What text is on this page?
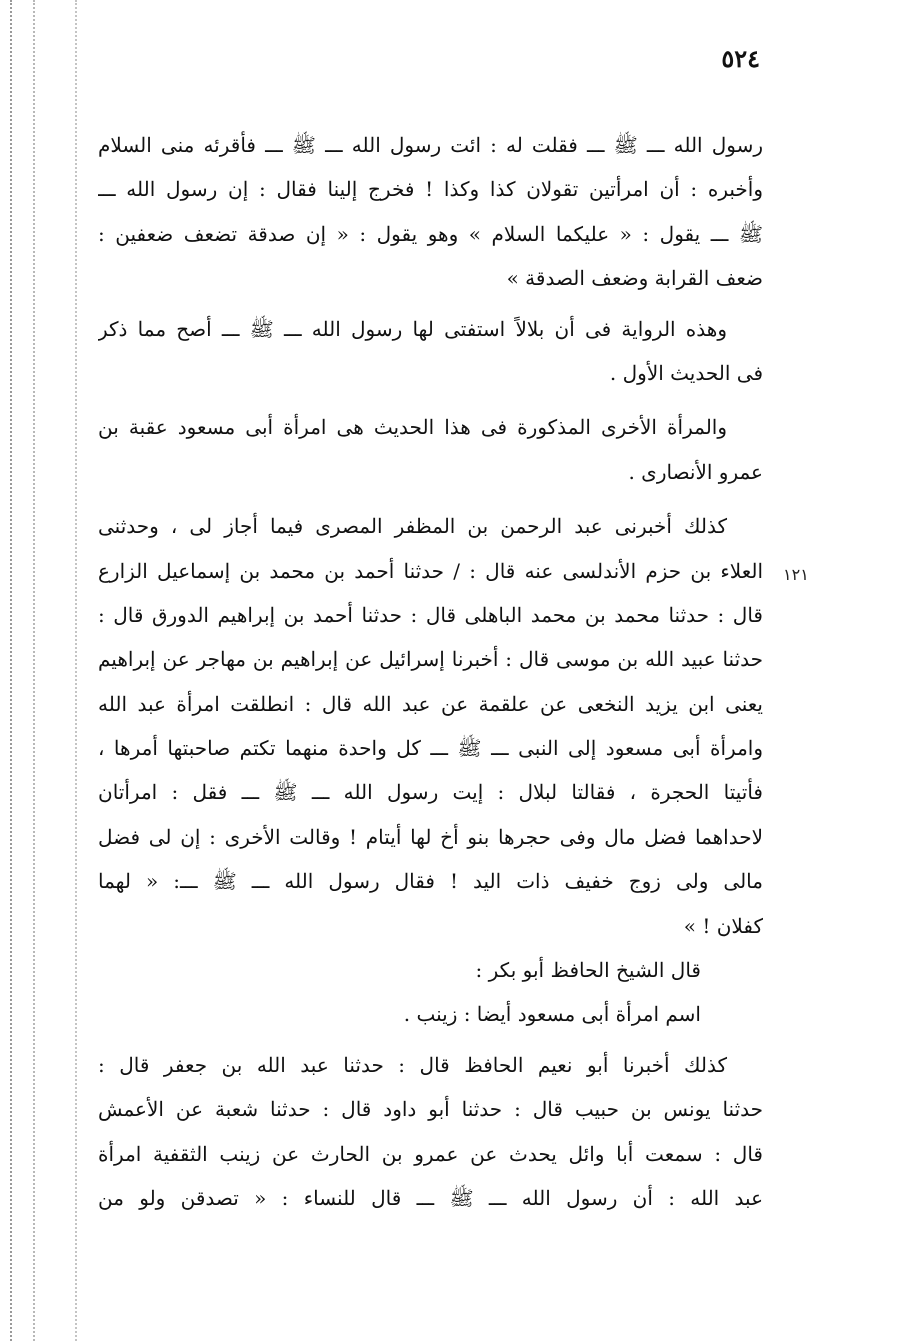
٥٢٤
١٢١
رسول الله ـــ ﷺ ـــ فقلت له : ائت رسول الله ـــ ﷺ ـــ فأقرئه منى السلام
وأخبره : أن امرأتين تقولان كذا وكذا ! فخرج إلينا فقال : إن رسول الله ـــ
ﷺ ـــ يقول : « عليكما السلام » وهو يقول : « إن صدقة تضعف ضعفين :
ضعف القرابة وضعف الصدقة »
وهذه الرواية فى أن بلالاً استفتى لها رسول الله ـــ ﷺ ـــ أصح مما ذكر
فى الحديث الأول .
والمرأة الأخرى المذكورة فى هذا الحديث هى امرأة أبى مسعود عقبة بن
عمرو الأنصارى .
كذلك أخبرنى عبد الرحمن بن المظفر المصرى فيما أجاز لى ، وحدثنى
العلاء بن حزم الأندلسى عنه قال : / حدثنا أحمد بن محمد بن إسماعيل الزارع
قال : حدثنا محمد بن محمد الباهلى قال : حدثنا أحمد بن إبراهيم الدورق قال :
حدثنا عبيد الله بن موسى قال : أخبرنا إسرائيل عن إبراهيم بن مهاجر عن إبراهيم
يعنى ابن يزيد النخعى عن علقمة عن عبد الله قال : انطلقت امرأة عبد الله
وامرأة أبى مسعود إلى النبى ـــ ﷺ ـــ كل واحدة منهما تكتم صاحبتها أمرها ،
فأتيتا الحجرة ، فقالتا لبلال : إيت رسول الله ـــ ﷺ ـــ فقل : امرأتان
لاحداهما فضل مال وفى حجرها بنو أخ لها أيتام ! وقالت الأخرى : إن لى فضل
مالى ولى زوج خفيف ذات اليد ! فقال رسول الله ـــ ﷺ ـــ: « لهما
كفلان ! »
قال الشيخ الحافظ أبو بكر :
اسم امرأة أبى مسعود أيضا : زينب .
كذلك أخبرنا أبو نعيم الحافظ قال : حدثنا عبد الله بن جعفر قال :
حدثنا يونس بن حبيب قال : حدثنا أبو داود قال : حدثنا شعبة عن الأعمش
قال : سمعت أبا وائل يحدث عن عمرو بن الحارث عن زينب الثقفية امرأة
عبد الله : أن رسول الله ـــ ﷺ ـــ قال للنساء : « تصدقن ولو من
